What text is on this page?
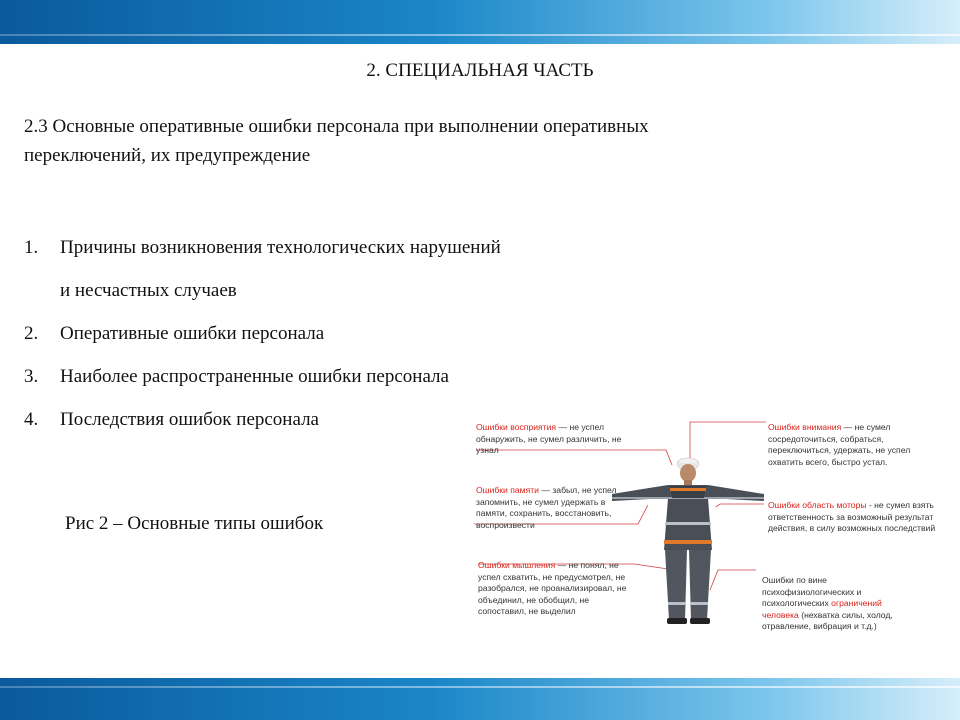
2. СПЕЦИАЛЬНАЯ ЧАСТЬ
2.3 Основные оперативные ошибки персонала при выполнении оперативных
переключений, их предупреждение
1.	Причины возникновения технологических нарушений
и несчастных случаев
2.	Оперативные ошибки персонала
3.	Наиболее распространенные ошибки персонала
4.	Последствия ошибок персонала
Рис 2 – Основные типы ошибок
Ошибки восприятия — не успел обнаружить, не сумел различить, не узнал
Ошибки внимания — не сумел сосредоточиться, собраться, переключиться, удержать, не успел охватить всего, быстро устал.
Ошибки памяти — забыл, не успел запомнить, не сумел удержать в памяти, сохранить, восстановить, воспроизвести
Ошибки область моторы - не сумел взять ответственность за возможный результат действия, в силу возможных последствий
Ошибки мышления — не понял, не успел схватить, не предусмотрел, не разобрался, не проанализировал, не объединил, не обобщил, не сопоставил, не выделил
Ошибки по вине психофизиологических и психологических ограничений человека (нехватка силы, холод, отравление, вибрация и т.д.)
